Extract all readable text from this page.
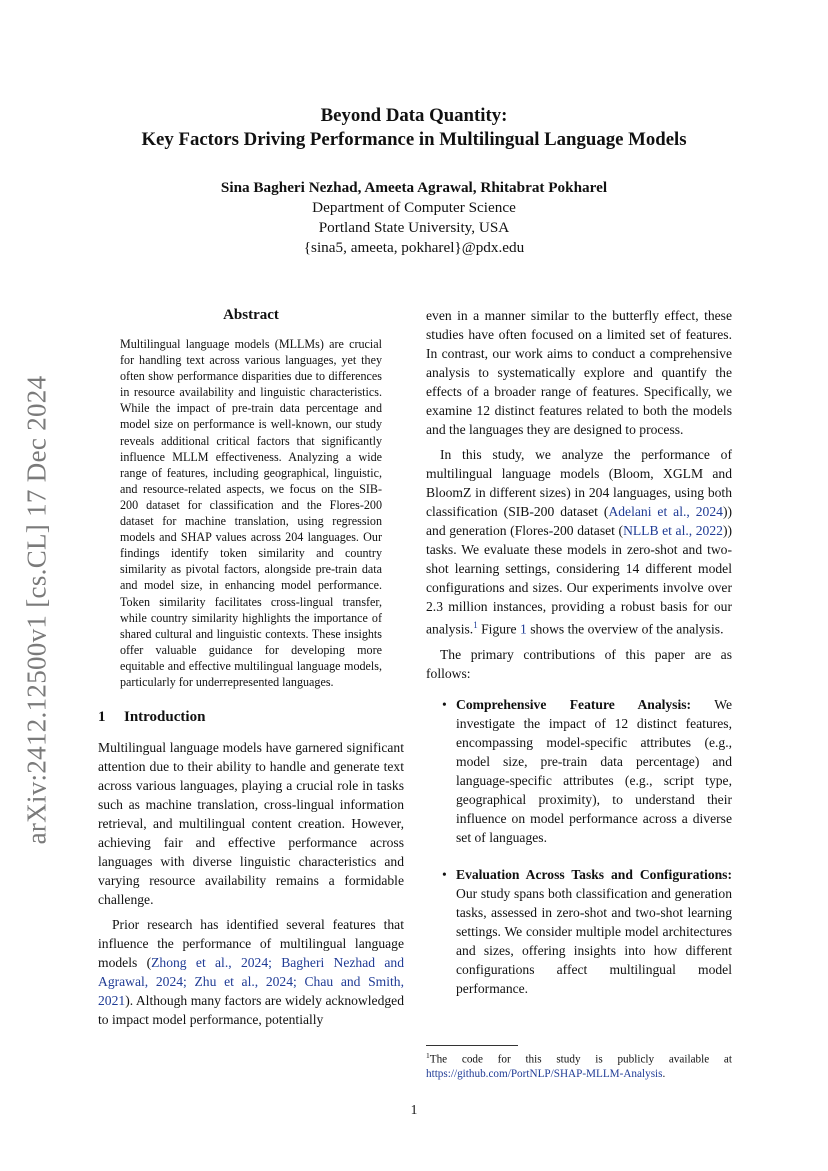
arXiv:2412.12500v1 [cs.CL] 17 Dec 2024
Beyond Data Quantity:
Key Factors Driving Performance in Multilingual Language Models
Sina Bagheri Nezhad, Ameeta Agrawal, Rhitabrat Pokharel
Department of Computer Science
Portland State University, USA
{sina5, ameeta, pokharel}@pdx.edu
Abstract
Multilingual language models (MLLMs) are crucial for handling text across various languages, yet they often show performance disparities due to differences in resource availability and linguistic characteristics. While the impact of pre-train data percentage and model size on performance is well-known, our study reveals additional critical factors that significantly influence MLLM effectiveness. Analyzing a wide range of features, including geographical, linguistic, and resource-related aspects, we focus on the SIB-200 dataset for classification and the Flores-200 dataset for machine translation, using regression models and SHAP values across 204 languages. Our findings identify token similarity and country similarity as pivotal factors, alongside pre-train data and model size, in enhancing model performance. Token similarity facilitates cross-lingual transfer, while country similarity highlights the importance of shared cultural and linguistic contexts. These insights offer valuable guidance for developing more equitable and effective multilingual language models, particularly for underrepresented languages.
1 Introduction

Multilingual language models have garnered significant attention due to their ability to handle and generate text across various languages, playing a crucial role in tasks such as machine translation, cross-lingual information retrieval, and multilingual content creation. However, achieving fair and effective performance across languages with diverse linguistic characteristics and varying resource availability remains a formidable challenge.

Prior research has identified several features that influence the performance of multilingual language models (Zhong et al., 2024; Bagheri Nezhad and Agrawal, 2024; Zhu et al., 2024; Chau and Smith, 2021). Although many factors are widely acknowledged to impact model performance, potentially

even in a manner similar to the butterfly effect, these studies have often focused on a limited set of features. In contrast, our work aims to conduct a comprehensive analysis to systematically explore and quantify the effects of a broader range of features. Specifically, we examine 12 distinct features related to both the models and the languages they are designed to process.

In this study, we analyze the performance of multilingual language models (Bloom, XGLM and BloomZ in different sizes) in 204 languages, using both classification (SIB-200 dataset (Adelani et al., 2024)) and generation (Flores-200 dataset (NLLB et al., 2022)) tasks. We evaluate these models in zero-shot and two-shot learning settings, considering 14 different model configurations and sizes. Our experiments involve over 2.3 million instances, providing a robust basis for our analysis.$^1$ Figure 1 shows the overview of the analysis.

The primary contributions of this paper are as follows:

• Comprehensive Feature Analysis: We investigate the impact of 12 distinct features, encompassing model-specific attributes (e.g., model size, pre-train data percentage) and language-specific attributes (e.g., script type, geographical proximity), to understand their influence on model performance across a diverse set of languages.
• Evaluation Across Tasks and Configurations: Our study spans both classification and generation tasks, assessed in zero-shot and two-shot learning settings. We consider multiple model architectures and sizes, offering insights into how different configurations affect multilingual model performance.
$^1$The code for this study is publicly available at https://github.com/PortNLP/SHAP-MLLM-Analysis.
1
